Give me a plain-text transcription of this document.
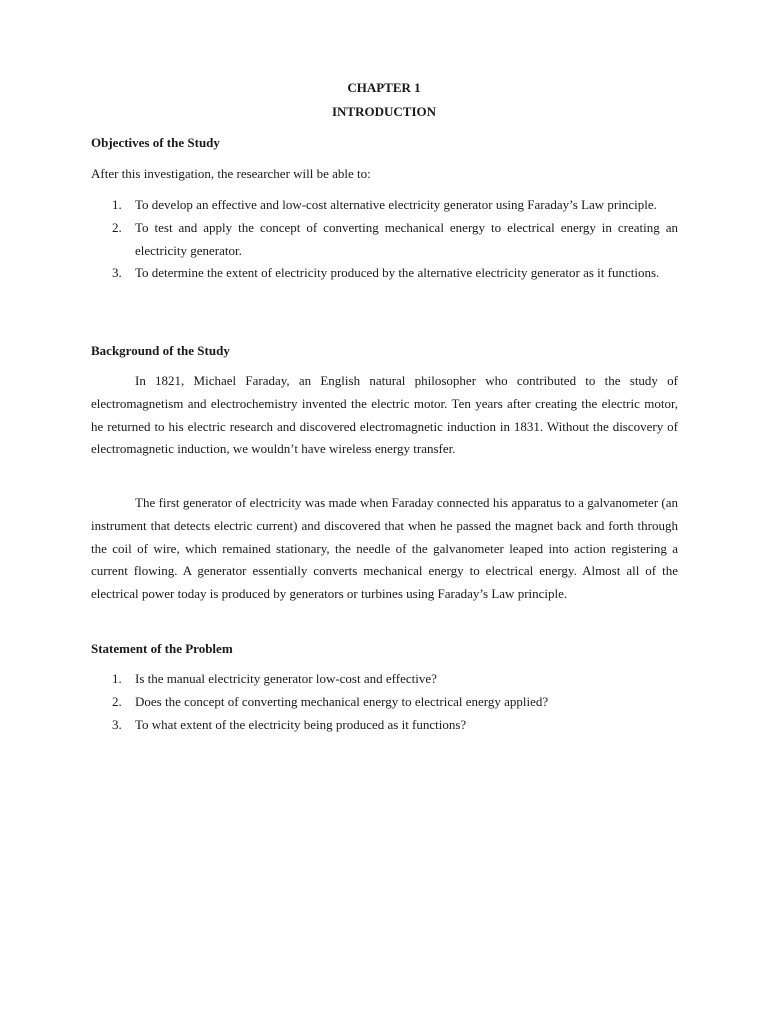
CHAPTER 1
INTRODUCTION

Objectives of the Study

After this investigation, the researcher will be able to:

1. To develop an effective and low-cost alternative electricity generator using Faraday’s Law principle.
2. To test and apply the concept of converting mechanical energy to electrical energy in creating an electricity generator.
3. To determine the extent of electricity produced by the alternative electricity generator as it functions.

Background of the Study

In 1821, Michael Faraday, an English natural philosopher who contributed to the study of electromagnetism and electrochemistry invented the electric motor. Ten years after creating the electric motor, he returned to his electric research and discovered electromagnetic induction in 1831. Without the discovery of electromagnetic induction, we wouldn’t have wireless energy transfer.

The first generator of electricity was made when Faraday connected his apparatus to a galvanometer (an instrument that detects electric current) and discovered that when he passed the magnet back and forth through the coil of wire, which remained stationary, the needle of the galvanometer leaped into action registering a current flowing. A generator essentially converts mechanical energy to electrical energy. Almost all of the electrical power today is produced by generators or turbines using Faraday’s Law principle.

Statement of the Problem

1. Is the manual electricity generator low-cost and effective?
2. Does the concept of converting mechanical energy to electrical energy applied?
3. To what extent of the electricity being produced as it functions?
